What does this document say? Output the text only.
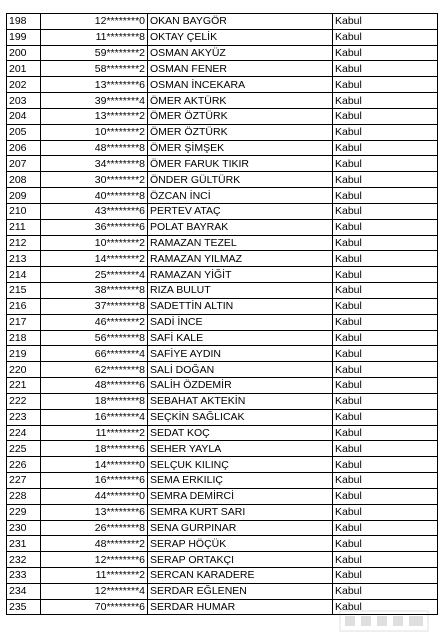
198	12********0	OKAN BAYGÖR	Kabul
199	11********8	OKTAY ÇELİK	Kabul
200	59********2	OSMAN AKYÜZ	Kabul
201	58********2	OSMAN FENER	Kabul
202	13********6	OSMAN İNCEKARA	Kabul
203	39********4	ÖMER AKTÜRK	Kabul
204	13********2	ÖMER ÖZTÜRK	Kabul
205	10********2	ÖMER ÖZTÜRK	Kabul
206	48********8	ÖMER ŞİMŞEK	Kabul
207	34********8	ÖMER FARUK TIKIR	Kabul
208	30********2	ÖNDER GÜLTÜRK	Kabul
209	40********8	ÖZCAN İNCİ	Kabul
210	43********6	PERTEV ATAÇ	Kabul
211	36********6	POLAT BAYRAK	Kabul
212	10********2	RAMAZAN TEZEL	Kabul
213	14********2	RAMAZAN YILMAZ	Kabul
214	25********4	RAMAZAN YİĞİT	Kabul
215	38********8	RIZA BULUT	Kabul
216	37********8	SADETTİN ALTIN	Kabul
217	46********2	SADİ İNCE	Kabul
218	56********8	SAFİ KALE	Kabul
219	66********4	SAFİYE AYDIN	Kabul
220	62********8	SALİ DOĞAN	Kabul
221	48********6	SALİH ÖZDEMİR	Kabul
222	18********8	SEBAHAT AKTEKİN	Kabul
223	16********4	SEÇKİN SAĞLICAK	Kabul
224	11********2	SEDAT KOÇ	Kabul
225	18********6	SEHER YAYLA	Kabul
226	14********0	SELÇUK KILINÇ	Kabul
227	16********6	SEMA ERKILIÇ	Kabul
228	44********0	SEMRA DEMİRCİ	Kabul
229	13********6	SEMRA KURT SARI	Kabul
230	26********8	SENA GURPINAR	Kabul
231	48********2	SERAP HÖÇÜK	Kabul
232	12********6	SERAP ORTAKÇI	Kabul
233	11********2	SERCAN KARADERE	Kabul
234	12********4	SERDAR EĞLENEN	Kabul
235	70********6	SERDAR HUMAR	Kabul
